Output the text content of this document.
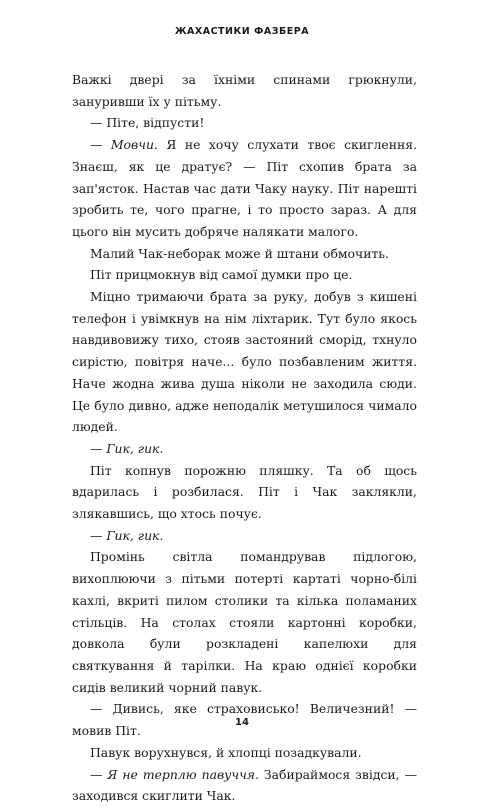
ЖАХАСТИКИ ФАЗБЕРА

Важкі двері за їхніми спинами грюкнули, зануривши їх у пітьму.

— Піте, відпусти!

— Мовчи. Я не хочу слухати твоє скиглення. Знаєш, як це дратує? — Піт схопив брата за зап'ясток. Настав час дати Чаку науку. Піт нарешті зробить те, чого прагне, і то просто зараз. А для цього він мусить добряче налякати малого.

Малий Чак-неборак може й штани обмочить.

Піт прицмокнув від самої думки про це.

Міцно тримаючи брата за руку, добув з кишені телефон і увімкнув на нім ліхтарик. Тут було якось навдивовижу тихо, стояв застояний сморід, тхнуло сирістю, повітря наче... було позбавленим життя. Наче жодна жива душа ніколи не заходила сюди. Це було дивно, адже неподалік метушилося чимало людей.

— Гик, гик.

Піт копнув порожню пляшку. Та об щось вдарилась і розбилася. Піт і Чак заклякли, злякавшись, що хтось почує.

— Гик, гик.

Промінь світла помандрував підлогою, вихоплюючи з пітьми потерті картаті чорно-білі кахлі, вкриті пилом столики та кілька поламаних стільців. На столах стояли картонні коробки, довкола були розкладені капелюхи для святкування й тарілки. На краю однієї коробки сидів великий чорний павук.

— Дивись, яке страховисько! Величезний! — мовив Піт.

Павук ворухнувся, й хлопці позадкували.

— Я не терплю павуччя. Забираймося звідси, — заходився скиглити Чак.

14
